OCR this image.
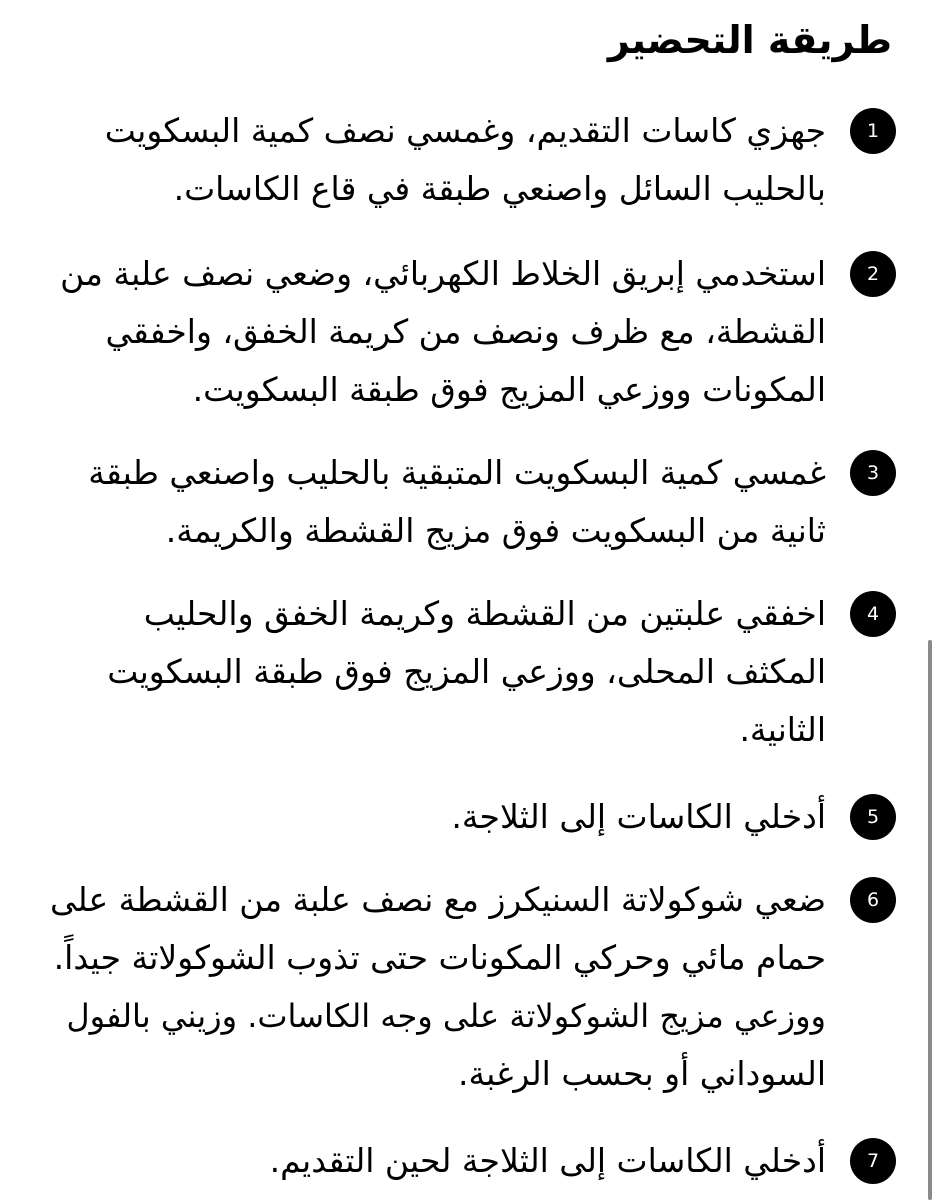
طريقة التحضير
1

جهزي كاسات التقديم، وغمسي نصف كمية البسكويت
بالحليب السائل واصنعي طبقة في قاع الكاسات.

2

استخدمي إبريق الخلاط الكهربائي، وضعي نصف علبة من
القشطة، مع ظرف ونصف من كريمة الخفق، واخفقي
المكونات ووزعي المزيج فوق طبقة البسكويت.

3

غمسي كمية البسكويت المتبقية بالحليب واصنعي طبقة
ثانية من البسكويت فوق مزيج القشطة والكريمة.

4

اخفقي علبتين من القشطة وكريمة الخفق والحليب
المكثف المحلى، ووزعي المزيج فوق طبقة البسكويت
الثانية.

5

أدخلي الكاسات إلى الثلاجة.

6

ضعي شوكولاتة السنيكرز مع نصف علبة من القشطة على
حمام مائي وحركي المكونات حتى تذوب الشوكولاتة جيداً.
ووزعي مزيج الشوكولاتة على وجه الكاسات. وزيني بالفول
السوداني أو بحسب الرغبة.

7

أدخلي الكاسات إلى الثلاجة لحين التقديم.
